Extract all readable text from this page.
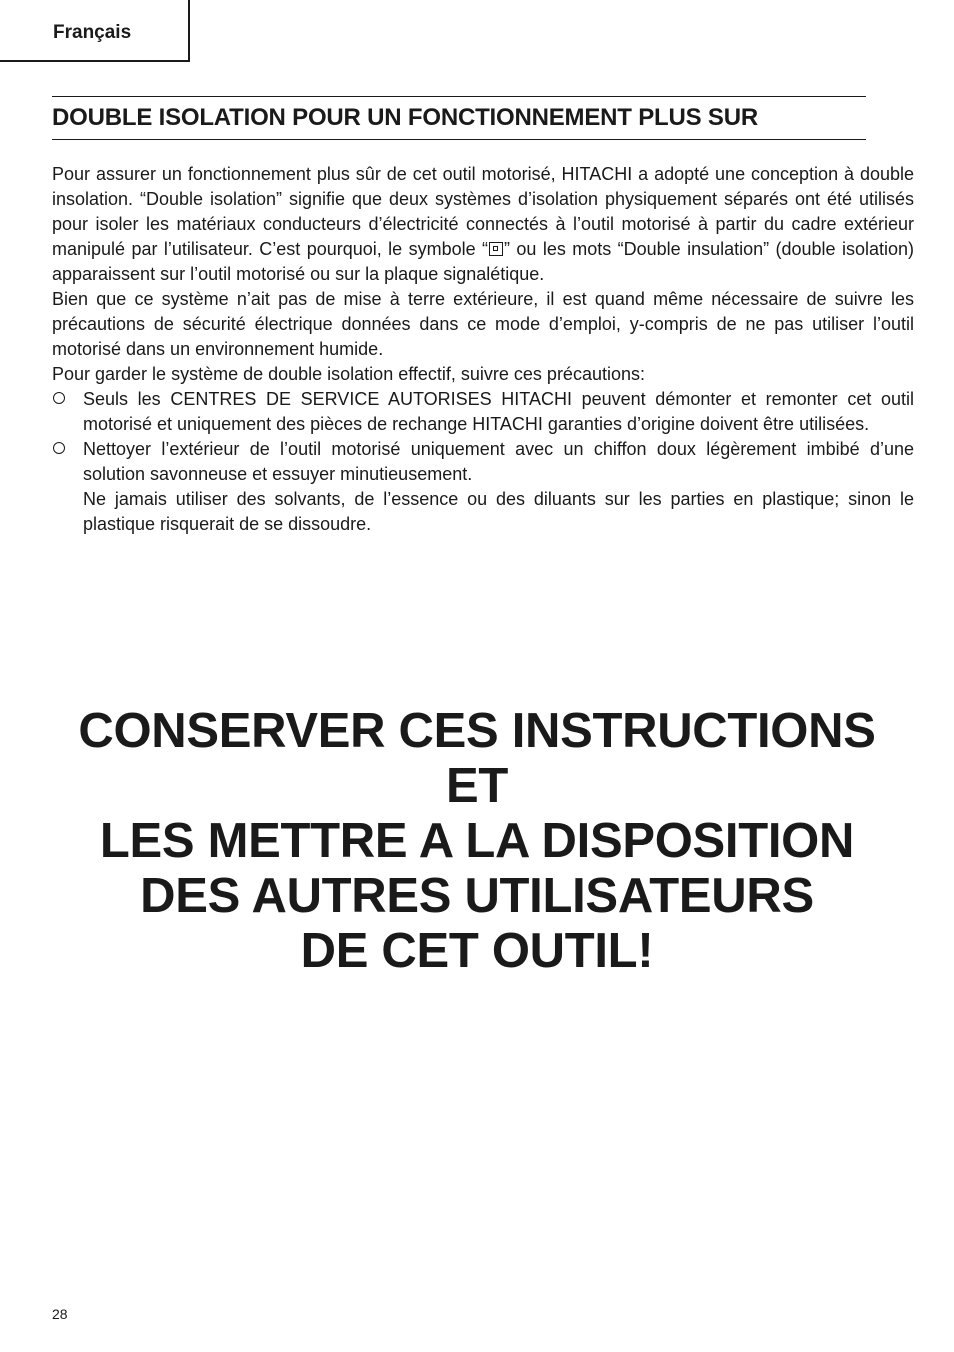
Français
DOUBLE ISOLATION POUR UN FONCTIONNEMENT PLUS SUR

Pour assurer un fonctionnement plus sûr de cet outil motorisé, HITACHI a adopté une conception à double insolation. “Double isolation” signifie que deux systèmes d’isolation physiquement séparés ont été utilisés pour isoler les matériaux conducteurs d’électricité connectés à l’outil motorisé à partir du cadre extérieur manipulé par l’utilisateur. C’est pourquoi, le symbole “ ” ou les mots “Double insulation” (double isolation) apparaissent sur l’outil motorisé ou sur la plaque signalétique.

Bien que ce système n’ait pas de mise à terre extérieure, il est quand même nécessaire de suivre les précautions de sécurité électrique données dans ce mode d’emploi, y-compris de ne pas utiliser l’outil motorisé dans un environnement humide.

Pour garder le système de double isolation effectif, suivre ces précautions:

Seuls les CENTRES DE SERVICE AUTORISES HITACHI peuvent démonter et remonter cet outil motorisé et uniquement des pièces de rechange HITACHI garanties d’origine doivent être utilisées.
Nettoyer l’extérieur de l’outil motorisé uniquement avec un chiffon doux légèrement imbibé d’une solution savonneuse et essuyer minutieusement.
Ne jamais utiliser des solvants, de l’essence ou des diluants sur les parties en plastique; sinon le plastique risquerait de se dissoudre.
CONSERVER CES INSTRUCTIONS
ET
LES METTRE A LA DISPOSITION
DES AUTRES UTILISATEURS
DE CET OUTIL!
28
